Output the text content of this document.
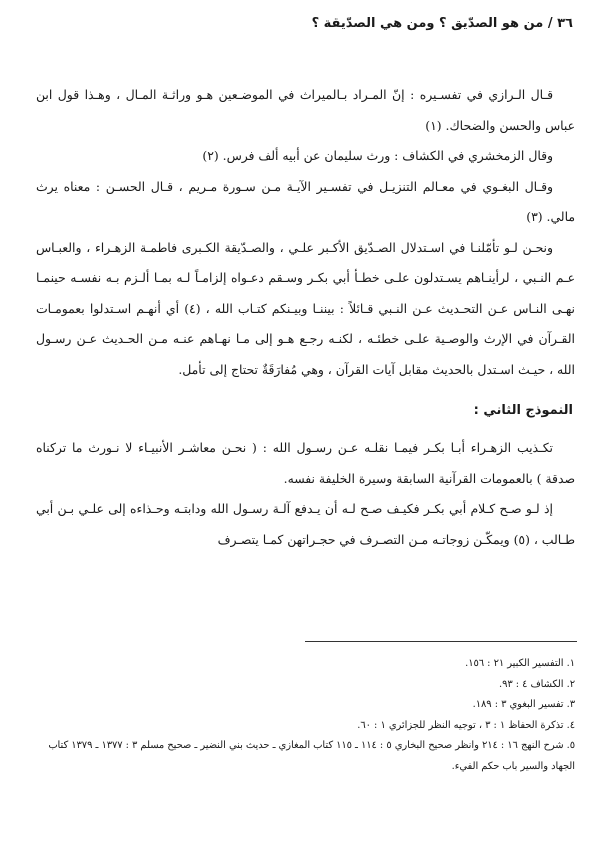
٣٦ / من هو الصدّيق ؟ ومن هي الصدّيقة ؟

قـال الـرازي في تفسـيره : إنّ المـراد بـالميراث في الموضـعين هـو وراثـة المـال ، وهـذا قول ابن عباس والحسن والضحاك. (١)

وقال الزمخشري في الكشاف : ورث سليمان عن أبيه ألف فرس. (٢)

وقـال البغـوي في معـالم التنزيـل في تفسـير الآيـة مـن سـورة مـريم ، قـال الحسـن : معناه يرث مالي. (٣)

ونحـن لـو تأمّلنـا في اسـتدلال الصـدّيق الأكـبر علـي ، والصـدّيقة الكـبرى فاطمـة الزهـراء ، والعبـاس عـم النـبي ، لرأينـاهم يسـتدلون علـى خطـأ أبي بكـر وسـقم دعـواه إلزامـاً لـه بمـا ألـزم بـه نفسـه حينمـا نهـى النـاس عـن التحـديث عـن النـبي قـائلاً : بيننـا وبيـنكم كتـاب الله ، (٤) أي أنهـم اسـتدلوا بعمومـات القـرآن في الإرث والوصـية علـى خطئـه ، لكنـه رجـع هـو إلى مـا نهـاهم عنـه مـن الحـديث عـن رسـول الله ، حيـث اسـتدل بالحديث مقابل آيات القرآن ، وهي مُفارَقَةٌ تحتاج إلى تأمل.

النموذج الثاني :

تكـذيب الزهـراء أبـا بكـر فيمـا نقلـه عـن رسـول الله : ( نحـن معاشـر الأنبيـاء لا نـورث ما تركناه صدقة ) بالعمومات القرآنية السابقة وسيرة الخليفة نفسه.

إذ لـو صـح كـلام أبي بكـر فكيـف صـح لـه أن يـدفع آلـة رسـول الله ودابتـه وحـذاءه إلى علـي بـن أبي طـالب ، (٥) ويمكّـن زوجاتـه مـن التصـرف في حجـراتهن كمـا يتصـرف

١. التفسير الكبير ٢١ : ١٥٦.

٢. الكشاف ٤ : ٩٣.

٣. تفسير البغوي ٣ : ١٨٩.

٤. تذكرة الحفاظ ١ : ٣ ، توجيه النظر للجزائري ١ : ٦٠.

٥. شرح النهج ١٦ : ٢١٤ وانظر صحيح البخاري ٥ : ١١٤ ـ ١١٥ كتاب المغازي ـ حديث بني النضير ـ صحيح مسلم ٣ : ١٣٧٧ ـ ١٣٧٩ كتاب الجهاد والسير باب حكم الفيء.
